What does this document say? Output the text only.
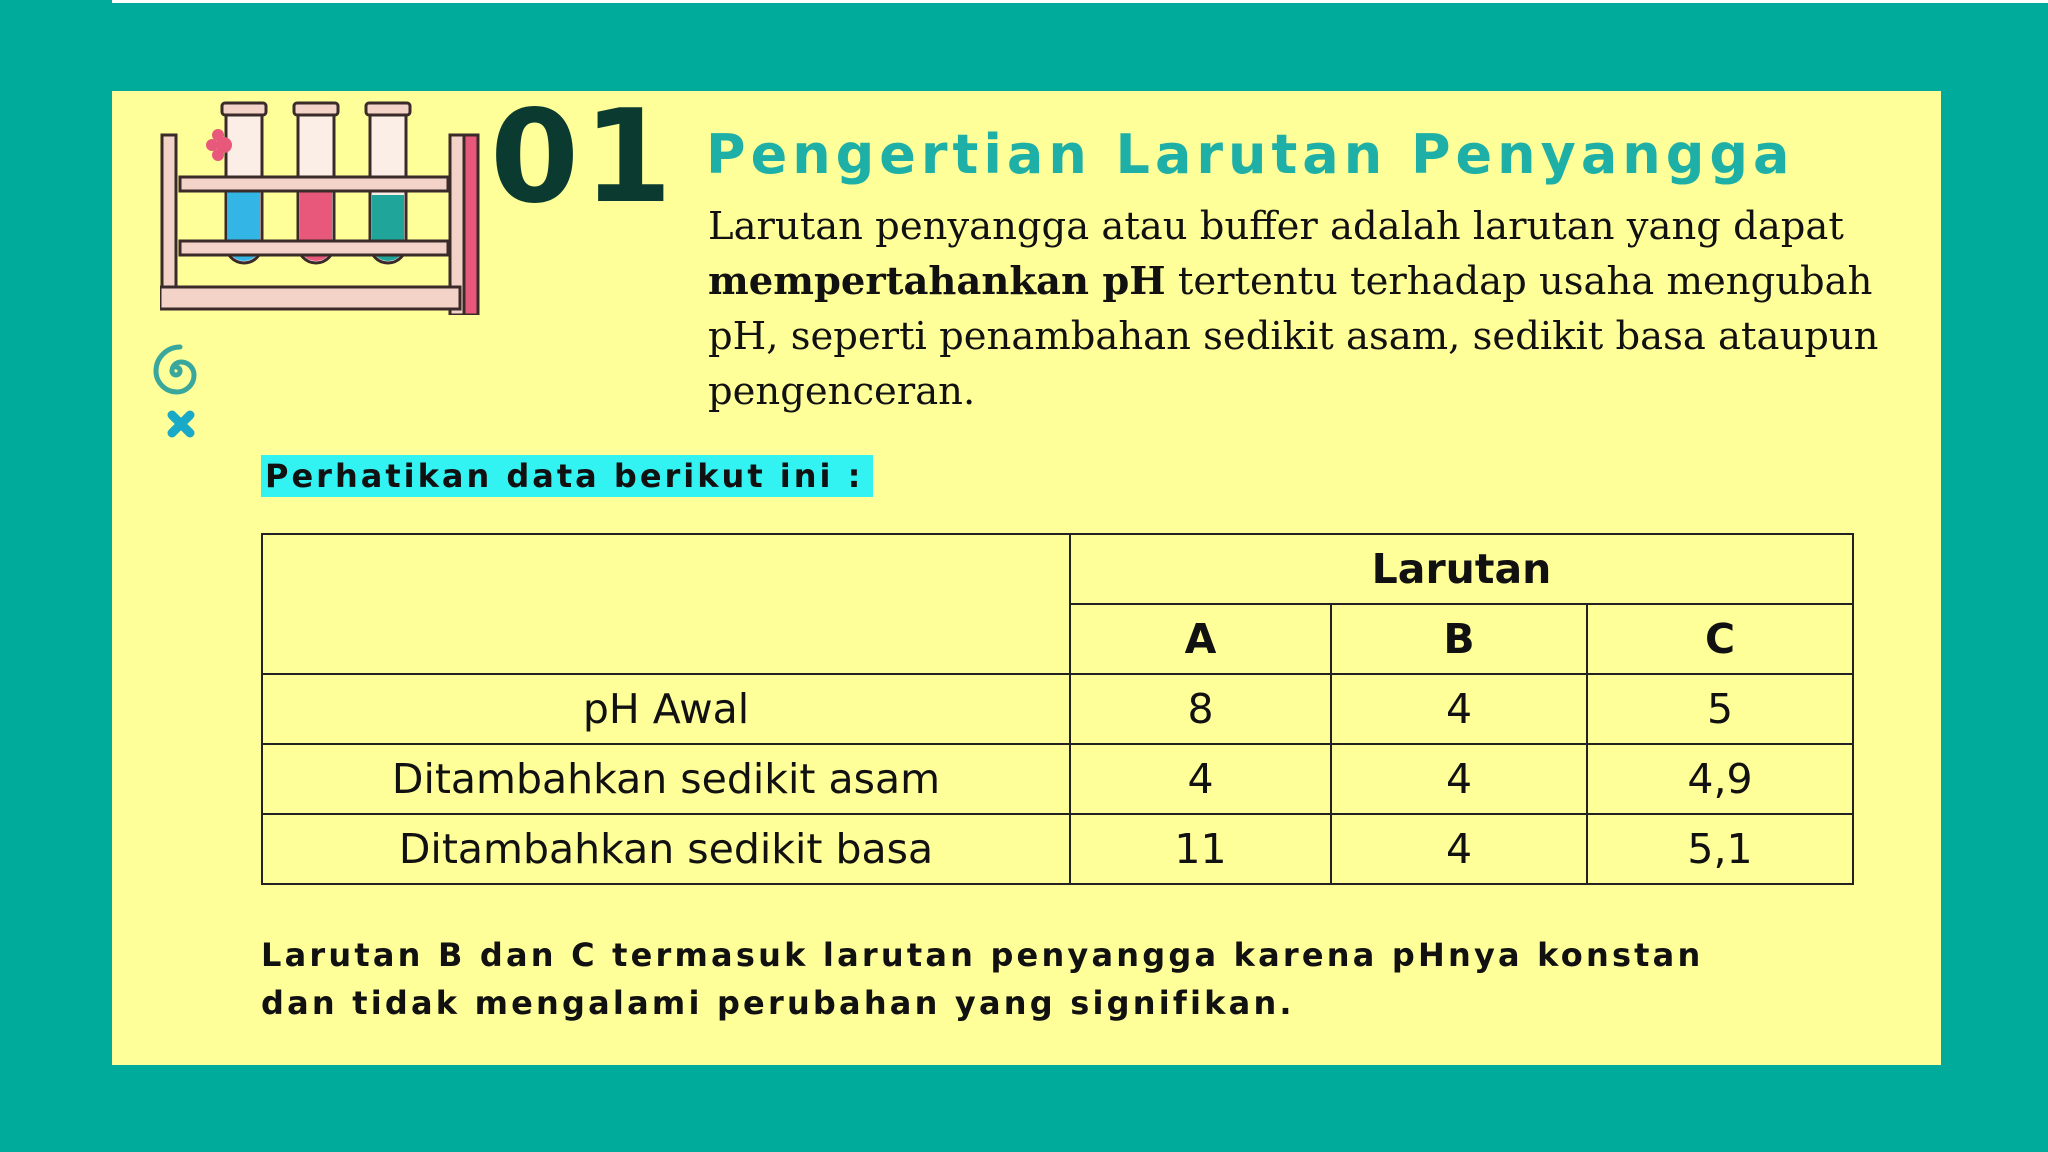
01 Pengertian Larutan Penyangga

Larutan penyangga atau buffer adalah larutan yang dapat mempertahankan pH tertentu terhadap usaha mengubah pH, seperti penambahan sedikit asam, sedikit basa ataupun pengenceran.

Perhatikan data berikut ini :
	Larutan		
	A	B	C
pH Awal	8	4	5
Ditambahkan sedikit asam	4	4	4,9
Ditambahkan sedikit basa	11	4	5,1

Larutan B dan C termasuk larutan penyangga karena pHnya konstan
dan tidak mengalami perubahan yang signifikan.
